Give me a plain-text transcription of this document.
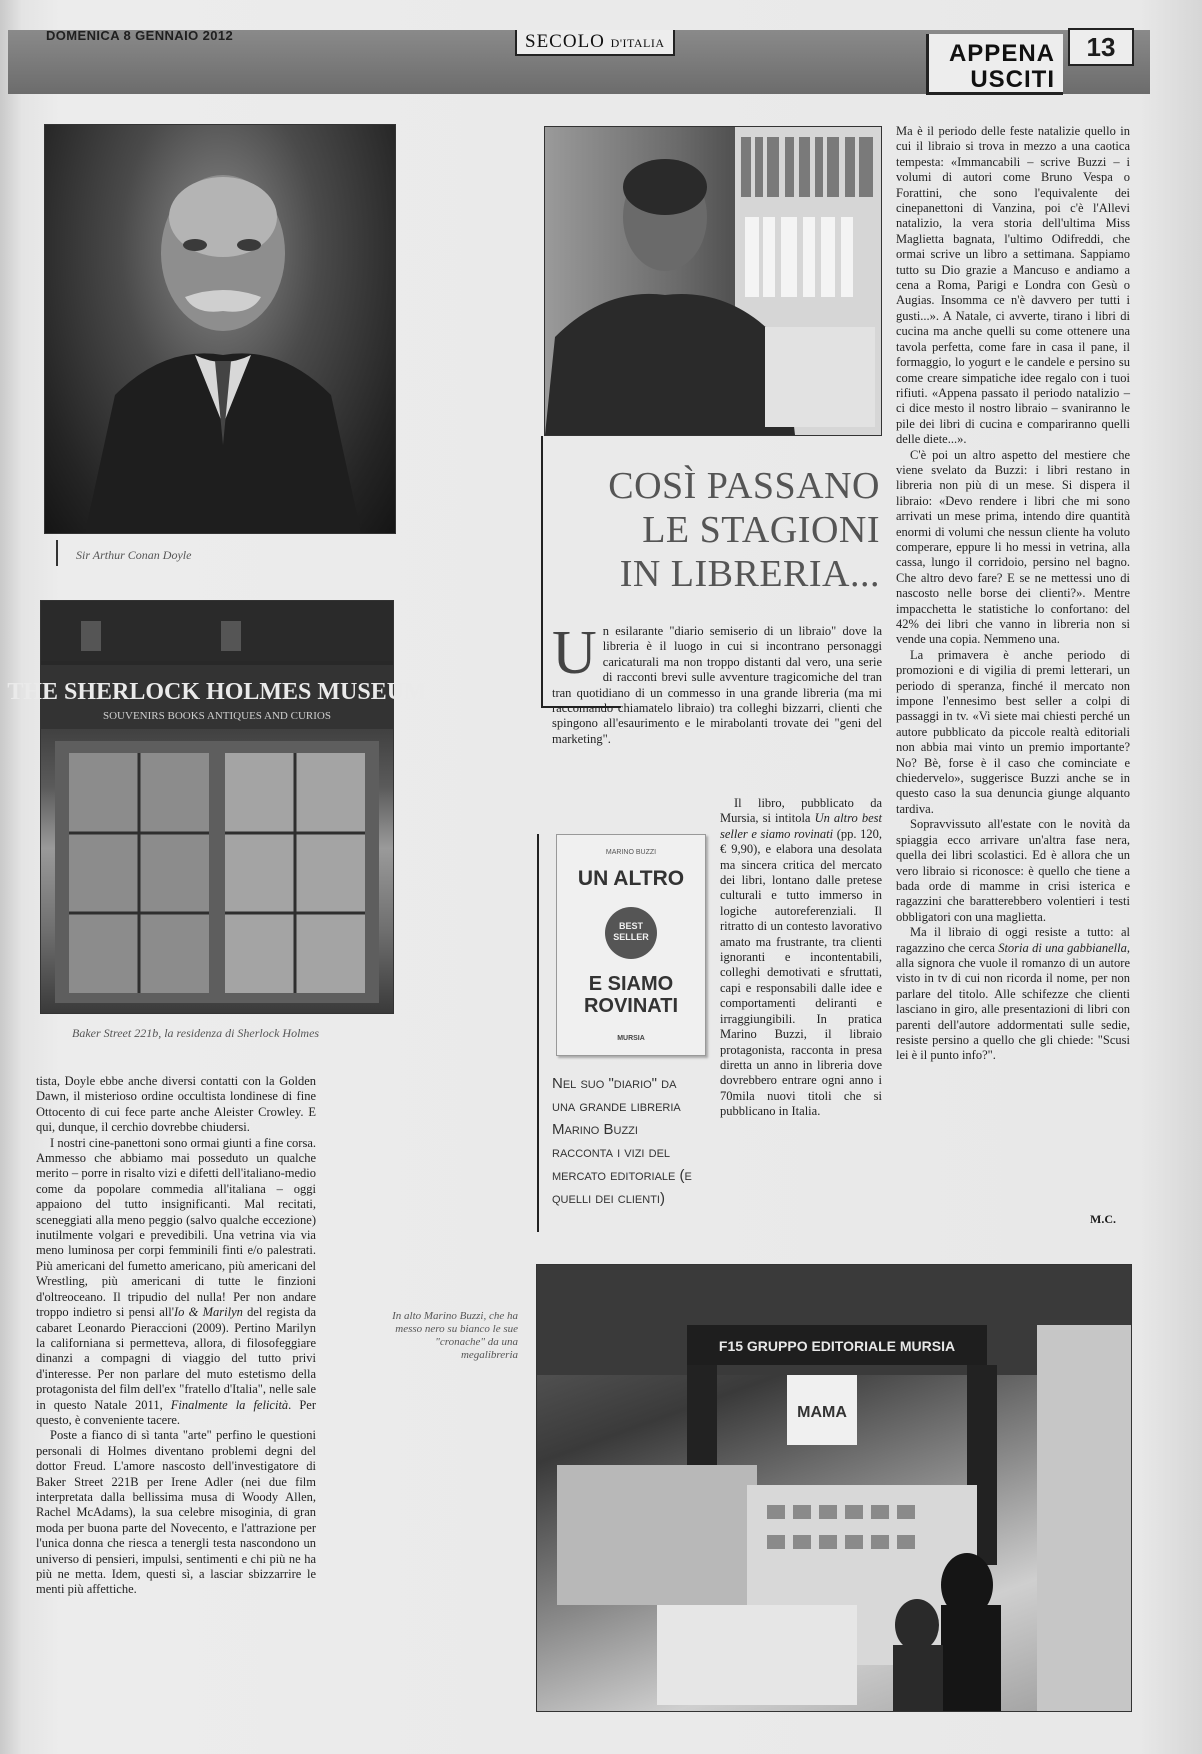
DOMENICA 8 GENNAIO 2012	SECOLO D'ITALIA	APPENA
USCITI
13
Sir Arthur Conan Doyle
THE SHERLOCK HOLMES MUSEUM
SOUVENIRS BOOKS ANTIQUES AND CURIOS
Baker Street 221b, la residenza di Sherlock Holmes
COSÌ PASSANO
LE STAGIONI
IN LIBRERIA...

Un esilarante "diario semiserio di un libraio" dove la libreria è il luogo in cui si incontrano personaggi caricaturali ma non troppo distanti dal vero, una serie di racconti brevi sulle avventure tragicomiche del tran tran quotidiano di un commesso in una grande libreria (ma mi raccomando chiamatelo libraio) tra colleghi bizzarri, clienti che spingono all'esaurimento e le mirabolanti trovate dei "geni del marketing".

Il libro, pubblicato da Mursia, si intitola Un altro best seller e siamo rovinati (pp. 120, € 9,90), e elabora una desolata ma sincera critica del mercato dei libri, lontano dalle pretese culturali e tutto immerso in logiche autoreferenziali. Il ritratto di un contesto lavorativo amato ma frustrante, tra clienti ignoranti e incontentabili, colleghi demotivati e sfruttati, capi e responsabili dalle idee e comportamenti deliranti e irraggiungibili. In pratica Marino Buzzi, il libraio protagonista, racconta in presa diretta un anno in libreria dove dovrebbero entrare ogni anno i 70mila nuovi titoli che si pubblicano in Italia.

MARINO BUZZI
UN ALTRO
BEST SELLER
E SIAMO ROVINATI
MURSIA
Nel suo "diario" da una grande libreria Marino Buzzi racconta i vizi del mercato editoriale (e quelli dei clienti)

Ma è il periodo delle feste natalizie quello in cui il libraio si trova in mezzo a una caotica tempesta: «Immancabili – scrive Buzzi – i volumi di autori come Bruno Vespa o Forattini, che sono l'equivalente dei cinepanettoni di Vanzina, poi c'è l'Allevi natalizio, la vera storia dell'ultima Miss Maglietta bagnata, l'ultimo Odifreddi, che ormai scrive un libro a settimana. Sappiamo tutto su Dio grazie a Mancuso e andiamo a cena a Roma, Parigi e Londra con Gesù o Augias. Insomma ce n'è davvero per tutti i gusti...». A Natale, ci avverte, tirano i libri di cucina ma anche quelli su come ottenere una tavola perfetta, come fare in casa il pane, il formaggio, lo yogurt e le candele e persino su come creare simpatiche idee regalo con i tuoi rifiuti. «Appena passato il periodo natalizio – ci dice mesto il nostro libraio – svaniranno le pile dei libri di cucina e compariranno quelli delle diete...».

C'è poi un altro aspetto del mestiere che viene svelato da Buzzi: i libri restano in libreria non più di un mese. Si dispera il libraio: «Devo rendere i libri che mi sono arrivati un mese prima, intendo dire quantità enormi di volumi che nessun cliente ha voluto comperare, eppure li ho messi in vetrina, alla cassa, lungo il corridoio, persino nel bagno. Che altro devo fare? E se ne mettessi uno di nascosto nelle borse dei clienti?». Mentre impacchetta le statistiche lo confortano: del 42% dei libri che vanno in libreria non si vende una copia. Nemmeno una.

La primavera è anche periodo di promozioni e di vigilia di premi letterari, un periodo di speranza, finché il mercato non impone l'ennesimo best seller a colpi di passaggi in tv. «Vi siete mai chiesti perché un autore pubblicato da piccole realtà editoriali non abbia mai vinto un premio importante? No? Bè, forse è il caso che cominciate e chiedervelo», suggerisce Buzzi anche se in questo caso la sua denuncia giunge alquanto tardiva.

Sopravvissuto all'estate con le novità da spiaggia ecco arrivare un'altra fase nera, quella dei libri scolastici. Ed è allora che un vero libraio si riconosce: è quello che tiene a bada orde di mamme in crisi isterica e ragazzini che baratterebbero volentieri i testi obbligatori con una maglietta.

Ma il libraio di oggi resiste a tutto: al ragazzino che cerca Storia di una gabbianella, alla signora che vuole il romanzo di un autore visto in tv di cui non ricorda il nome, per non parlare del titolo. Alle schifezze che clienti lasciano in giro, alle presentazioni di libri con parenti dell'autore addormentati sulle sedie, resiste persino a quello che gli chiede: "Scusi lei è il punto info?".

M.C.

tista, Doyle ebbe anche diversi contatti con la Golden Dawn, il misterioso ordine occultista londinese di fine Ottocento di cui fece parte anche Aleister Crowley. E qui, dunque, il cerchio dovrebbe chiudersi.

I nostri cine-panettoni sono ormai giunti a fine corsa. Ammesso che abbiamo mai posseduto un qualche merito – porre in risalto vizi e difetti dell'italiano-medio come da popolare commedia all'italiana – oggi appaiono del tutto insignificanti. Mal recitati, sceneggiati alla meno peggio (salvo qualche eccezione) inutilmente volgari e prevedibili. Una vetrina via via meno luminosa per corpi femminili finti e/o palestrati. Più americani del fumetto americano, più americani del Wrestling, più americani di tutte le finzioni d'oltreoceano. Il tripudio del nulla! Per non andare troppo indietro si pensi all'Io & Marilyn del regista da cabaret Leonardo Pieraccioni (2009). Pertino Marilyn la californiana si permetteva, allora, di filosofeggiare dinanzi a compagni di viaggio del tutto privi d'interesse. Per non parlare del muto estetismo della protagonista del film dell'ex "fratello d'Italia", nelle sale in questo Natale 2011, Finalmente la felicità. Per questo, è conveniente tacere.

Poste a fianco di sì tanta "arte" perfino le questioni personali di Holmes diventano problemi degni del dottor Freud. L'amore nascosto dell'investigatore di Baker Street 221B per Irene Adler (nei due film interpretata dalla bellissima musa di Woody Allen, Rachel McAdams), la sua celebre misoginia, di gran moda per buona parte del Novecento, e l'attrazione per l'unica donna che riesca a tenergli testa nascondono un universo di pensieri, impulsi, sentimenti e chi più ne ha più ne metta. Idem, questi sì, a lasciar sbizzarrire le menti più affettiche.

In alto Marino Buzzi, che ha messo nero su bianco le sue "cronache" da una megalibreria
F15 GRUPPO EDITORIALE MURSIA
MAMA
